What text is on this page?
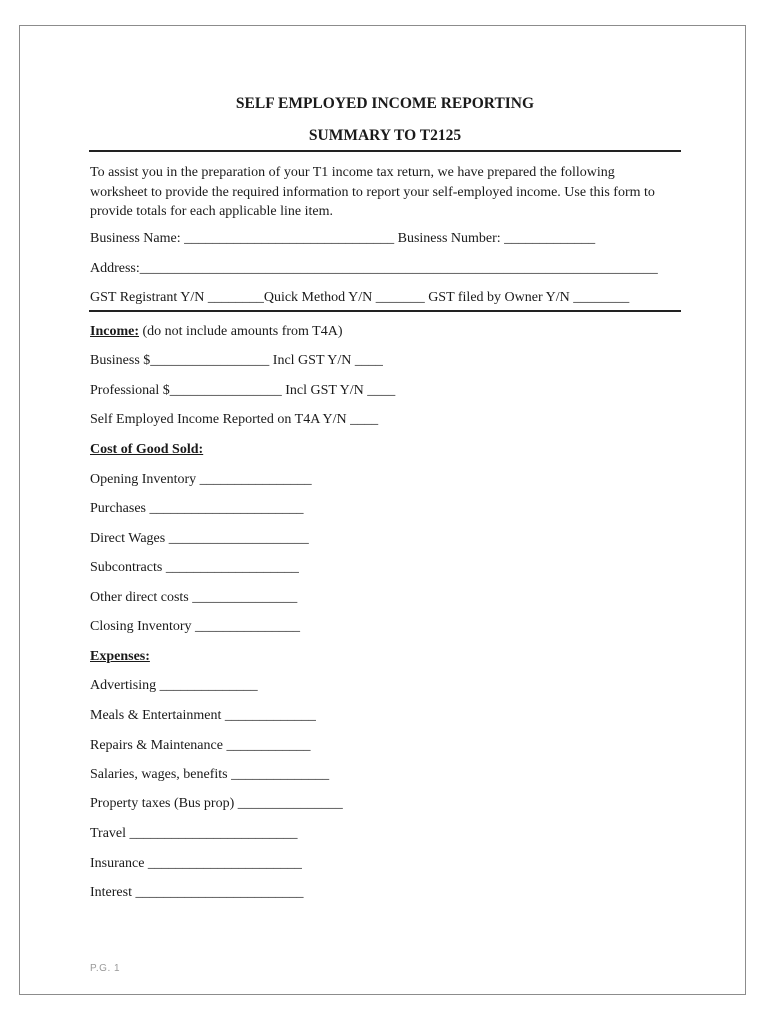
SELF EMPLOYED INCOME REPORTING
SUMMARY TO T2125
To assist you in the preparation of your T1 income tax return, we have prepared the following worksheet to provide the required information to report your self-employed income. Use this form to provide totals for each applicable line item.
Business Name: ______________________________ Business Number: _____________
Address:__________________________________________________________________________
GST Registrant Y/N ________Quick Method Y/N _______ GST filed by Owner Y/N ________
Income: (do not include amounts from T4A)
Business $_________________ Incl GST Y/N ____
Professional $________________ Incl GST Y/N ____
Self Employed Income Reported on T4A Y/N ____
Cost of Good Sold:
Opening Inventory ________________
Purchases ______________________
Direct Wages ____________________
Subcontracts ___________________
Other direct costs _______________
Closing Inventory _______________
Expenses:
Advertising ______________
Meals & Entertainment _____________
Repairs & Maintenance ____________
Salaries, wages, benefits ______________
Property taxes (Bus prop) _______________
Travel ________________________
Insurance ______________________
Interest ________________________
P.G. 1
